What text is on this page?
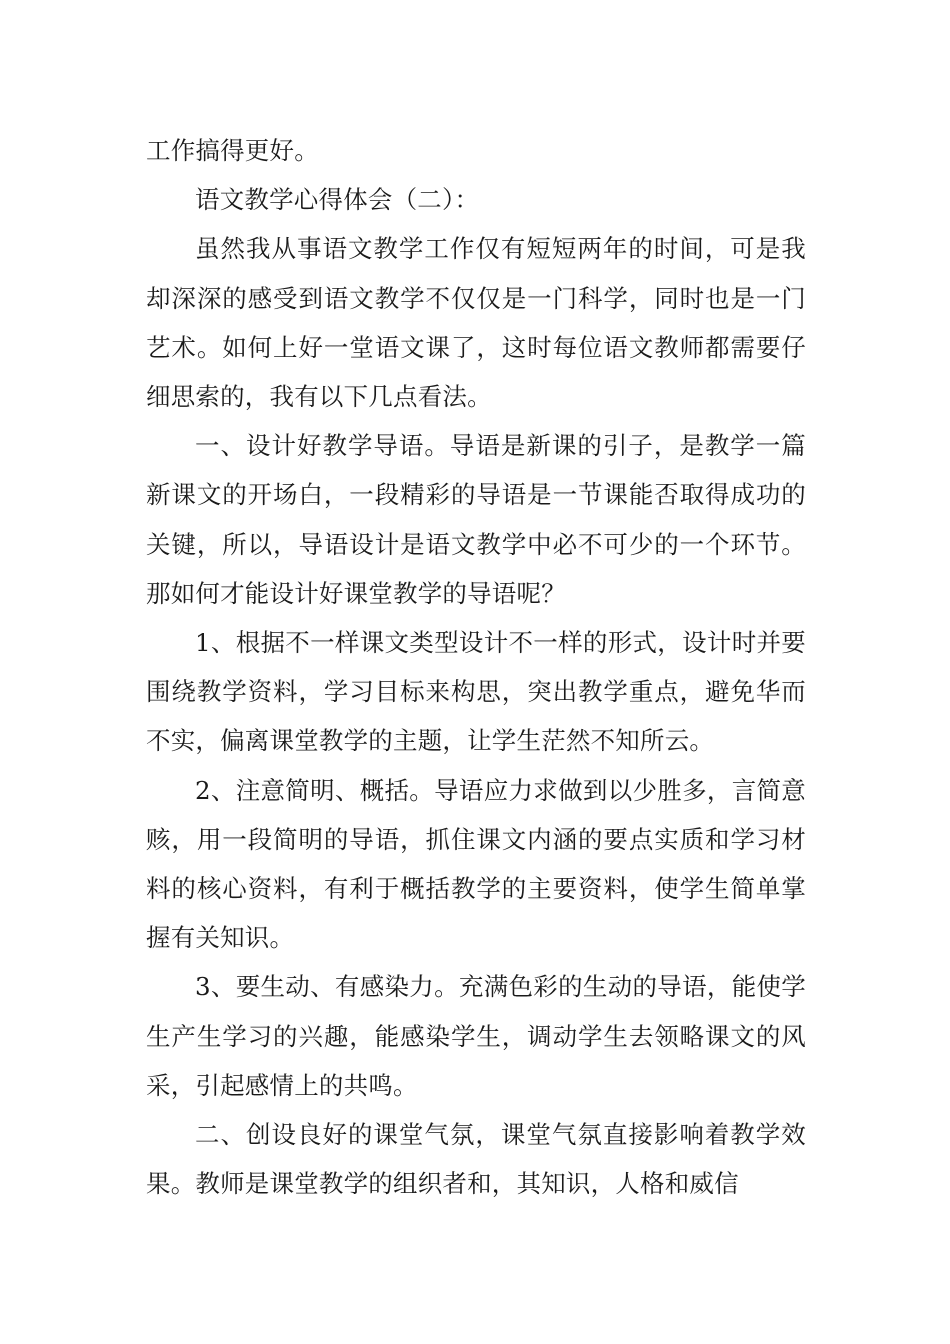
工作搞得更好。

语文教学心得体会（二）：

虽然我从事语文教学工作仅有短短两年的时间，可是我却深深的感受到语文教学不仅仅是一门科学，同时也是一门艺术。如何上好一堂语文课了，这时每位语文教师都需要仔细思索的，我有以下几点看法。

一、设计好教学导语。导语是新课的引子，是教学一篇新课文的开场白，一段精彩的导语是一节课能否取得成功的关键，所以，导语设计是语文教学中必不可少的一个环节。那如何才能设计好课堂教学的导语呢？

1、根据不一样课文类型设计不一样的形式，设计时并要围绕教学资料，学习目标来构思，突出教学重点，避免华而不实，偏离课堂教学的主题，让学生茫然不知所云。

2、注意简明、概括。导语应力求做到以少胜多，言简意赅，用一段简明的导语，抓住课文内涵的要点实质和学习材料的核心资料，有利于概括教学的主要资料，使学生简单掌握有关知识。

3、要生动、有感染力。充满色彩的生动的导语，能使学生产生学习的兴趣，能感染学生，调动学生去领略课文的风采，引起感情上的共鸣。

二、创设良好的课堂气氛，课堂气氛直接影响着教学效果。教师是课堂教学的组织者和，其知识，人格和威信
